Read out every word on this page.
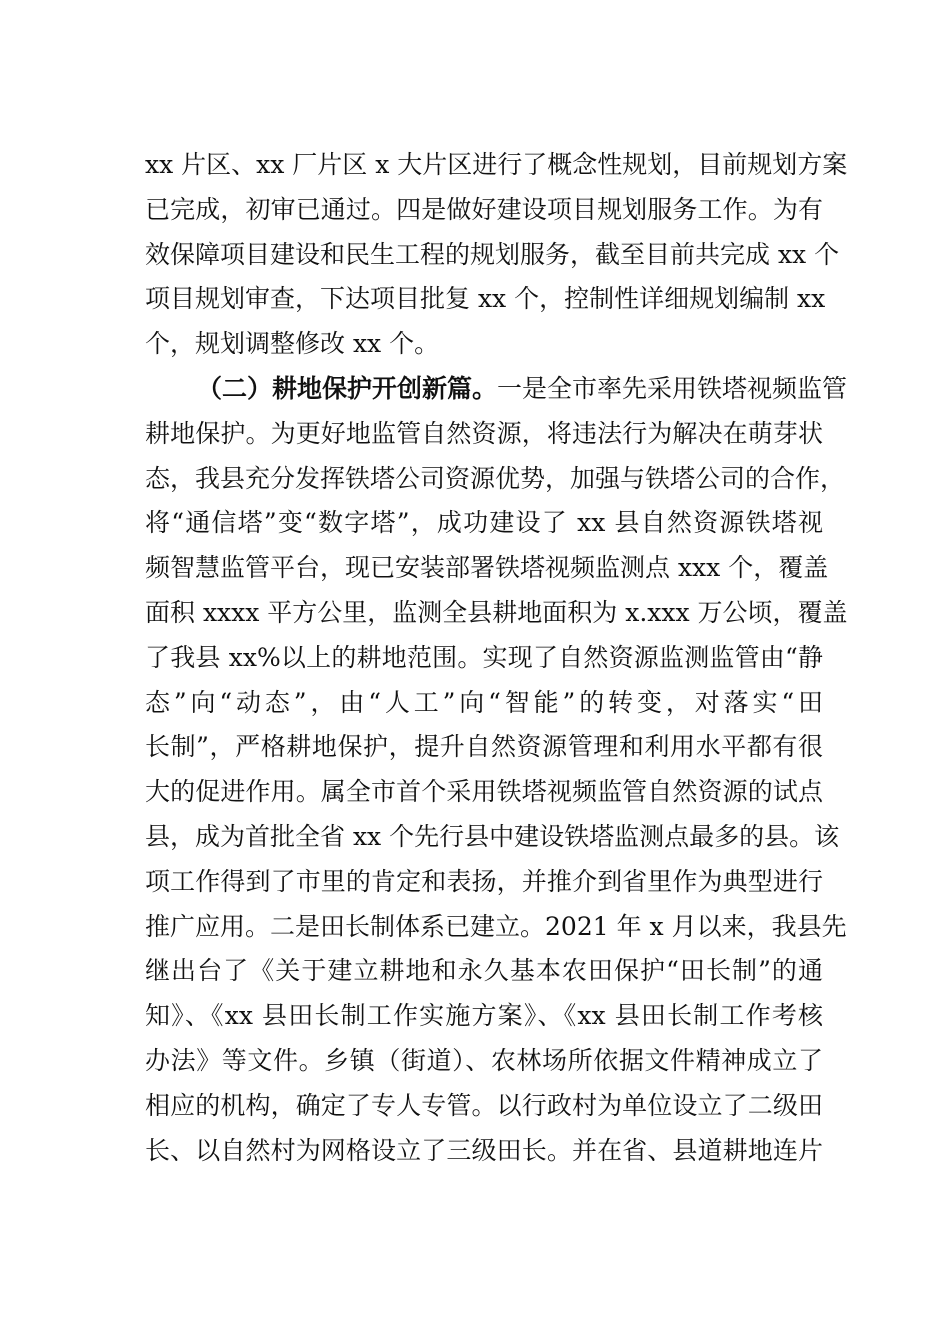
xx 片区、xx 厂片区 x 大片区进行了概念性规划，目前规划方案
已完成，初审已通过。四是做好建设项目规划服务工作。为有
效保障项目建设和民生工程的规划服务，截至目前共完成 xx 个
项目规划审查，下达项目批复 xx 个，控制性详细规划编制 xx
个，规划调整修改 xx 个。
（二）耕地保护开创新篇。一是全市率先采用铁塔视频监管
耕地保护。为更好地监管自然资源，将违法行为解决在萌芽状
态，我县充分发挥铁塔公司资源优势，加强与铁塔公司的合作，
将“通信塔”变“数字塔”，成功建设了 xx 县自然资源铁塔视
频智慧监管平台，现已安装部署铁塔视频监测点 xxx 个，覆盖
面积 xxxx 平方公里，监测全县耕地面积为 x.xxx 万公顷，覆盖
了我县 xx%以上的耕地范围。实现了自然资源监测监管由“静
态”向“动态”，由“人工”向“智能”的转变，对落实“田
长制”，严格耕地保护，提升自然资源管理和利用水平都有很
大的促进作用。属全市首个采用铁塔视频监管自然资源的试点
县，成为首批全省 xx 个先行县中建设铁塔监测点最多的县。该
项工作得到了市里的肯定和表扬，并推介到省里作为典型进行
推广应用。二是田长制体系已建立。2021 年 x 月以来，我县先
继出台了《关于建立耕地和永久基本农田保护“田长制”的通
知》、《xx 县田长制工作实施方案》、《xx 县田长制工作考核
办法》等文件。乡镇（街道）、农林场所依据文件精神成立了
相应的机构，确定了专人专管。以行政村为单位设立了二级田
长、以自然村为网格设立了三级田长。并在省、县道耕地连片
